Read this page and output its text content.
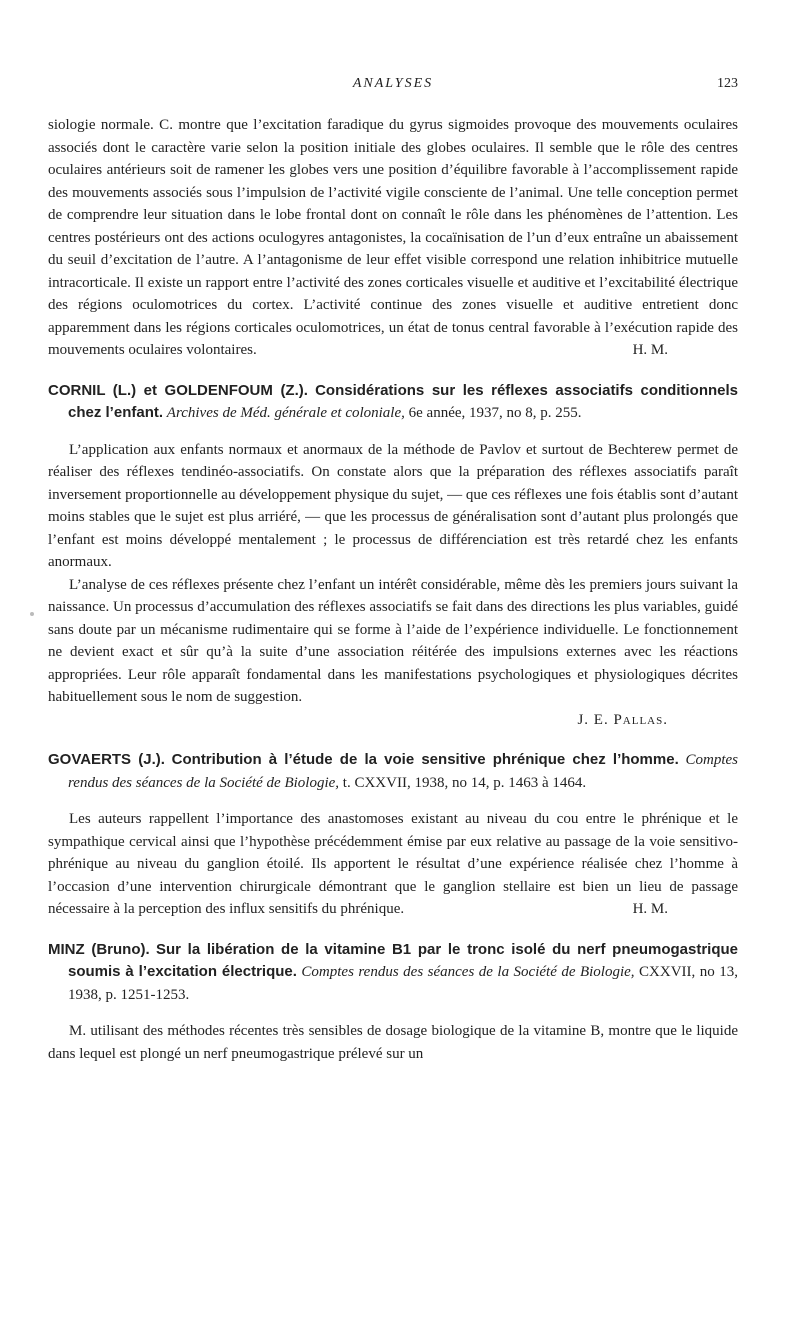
ANALYSES	123

siologie normale. C. montre que l’excitation faradique du gyrus sigmoides provoque des mouvements oculaires associés dont le caractère varie selon la position initiale des globes oculaires. Il semble que le rôle des centres oculaires antérieurs soit de ramener les globes vers une position d’équilibre favorable à l’accomplissement rapide des mouvements associés sous l’impulsion de l’activité vigile consciente de l’animal. Une telle conception permet de comprendre leur situation dans le lobe frontal dont on connaît le rôle dans les phénomènes de l’attention. Les centres postérieurs ont des actions oculogyres antagonistes, la cocaïnisation de l’un d’eux entraîne un abaissement du seuil d’excitation de l’autre. A l’antagonisme de leur effet visible correspond une relation inhibitrice mutuelle intracorticale. Il existe un rapport entre l’activité des zones corticales visuelle et auditive et l’excitabilité électrique des régions oculomotrices du cortex. L’activité continue des zones visuelle et auditive entretient donc apparemment dans les régions corticales oculomotrices, un état de tonus central favorable à l’exécution rapide des mouvements oculaires volontaires.	H. M.

CORNIL (L.) et GOLDENFOUM (Z.). Considérations sur les réflexes associatifs conditionnels chez l’enfant. Archives de Méd. générale et coloniale, 6e année, 1937, no 8, p. 255.

L’application aux enfants normaux et anormaux de la méthode de Pavlov et surtout de Bechterew permet de réaliser des réflexes tendinéo-associatifs. On constate alors que la préparation des réflexes associatifs paraît inversement proportionnelle au développement physique du sujet, — que ces réflexes une fois établis sont d’autant moins stables que le sujet est plus arriéré, — que les processus de généralisation sont d’autant plus prolongés que l’enfant est moins développé mentalement ; le processus de différenciation est très retardé chez les enfants anormaux.

L’analyse de ces réflexes présente chez l’enfant un intérêt considérable, même dès les premiers jours suivant la naissance. Un processus d’accumulation des réflexes associatifs se fait dans des directions les plus variables, guidé sans doute par un mécanisme rudimentaire qui se forme à l’aide de l’expérience individuelle. Le fonctionnement ne devient exact et sûr qu’à la suite d’une association réitérée des impulsions externes avec les réactions appropriées. Leur rôle apparaît fondamental dans les manifestations psychologiques et physiologiques décrites habituellement sous le nom de suggestion.

J. E. Pallas.

GOVAERTS (J.). Contribution à l’étude de la voie sensitive phrénique chez l’homme. Comptes rendus des séances de la Société de Biologie, t. CXXVII, 1938, no 14, p. 1463 à 1464.

Les auteurs rappellent l’importance des anastomoses existant au niveau du cou entre le phrénique et le sympathique cervical ainsi que l’hypothèse précédemment émise par eux relative au passage de la voie sensitivo-phrénique au niveau du ganglion étoilé. Ils apportent le résultat d’une expérience réalisée chez l’homme à l’occasion d’une intervention chirurgicale démontrant que le ganglion stellaire est bien un lieu de passage nécessaire à la perception des influx sensitifs du phrénique.	H. M.

MINZ (Bruno). Sur la libération de la vitamine B1 par le tronc isolé du nerf pneumogastrique soumis à l’excitation électrique. Comptes rendus des séances de la Société de Biologie, CXXVII, no 13, 1938, p. 1251-1253.

M. utilisant des méthodes récentes très sensibles de dosage biologique de la vitamine B, montre que le liquide dans lequel est plongé un nerf pneumogastrique prélevé sur un
